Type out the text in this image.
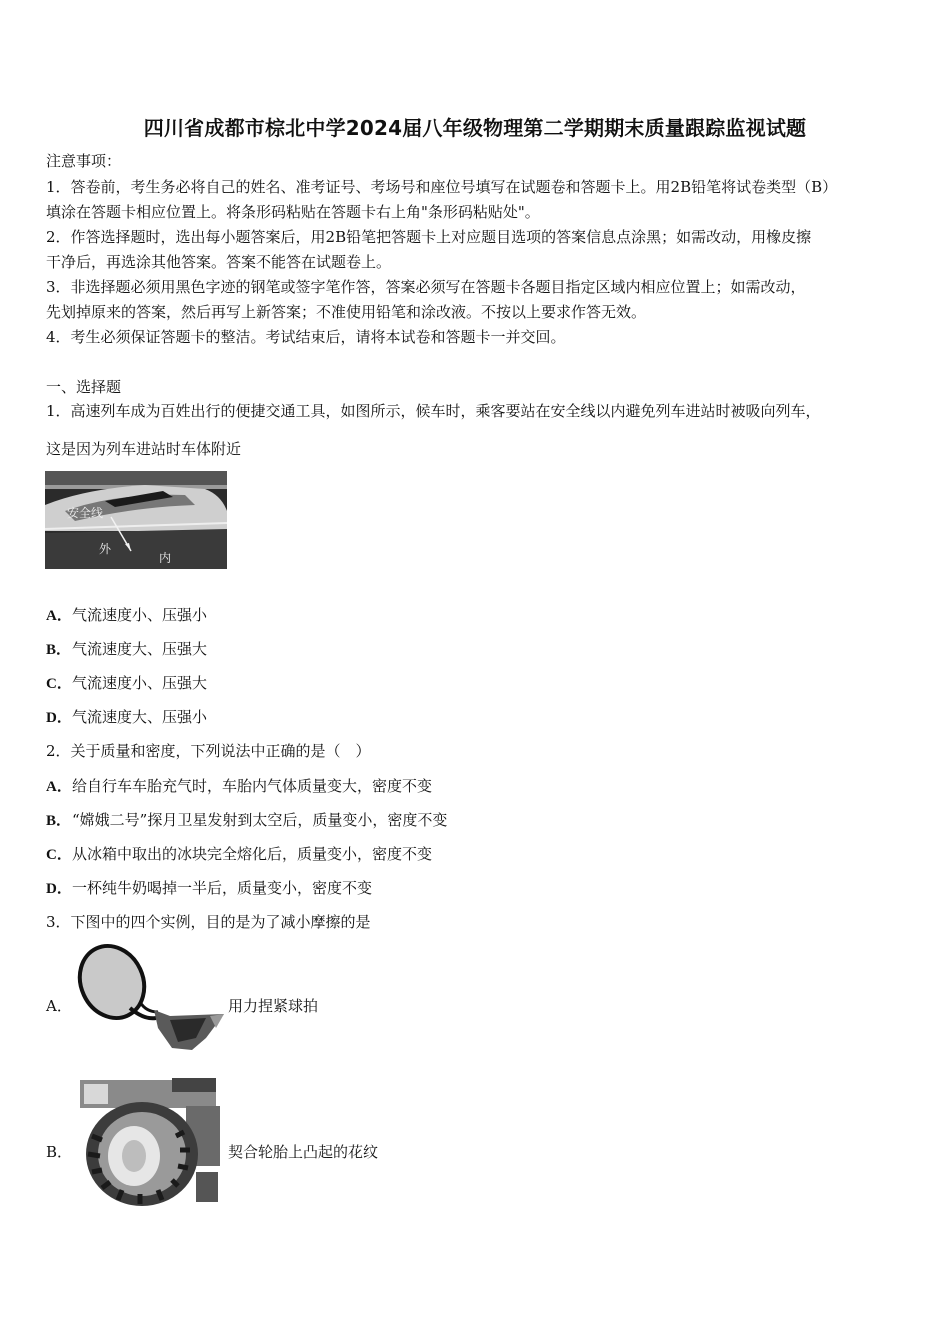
四川省成都市棕北中学2024届八年级物理第二学期期末质量跟踪监视试题
注意事项：
1．答卷前，考生务必将自己的姓名、准考证号、考场号和座位号填写在试题卷和答题卡上。用2B铅笔将试卷类型（B）
填涂在答题卡相应位置上。将条形码粘贴在答题卡右上角"条形码粘贴处"。
2．作答选择题时，选出每小题答案后，用2B铅笔把答题卡上对应题目选项的答案信息点涂黑；如需改动，用橡皮擦
干净后，再选涂其他答案。答案不能答在试题卷上。
3．非选择题必须用黑色字迹的钢笔或签字笔作答，答案必须写在答题卡各题目指定区域内相应位置上；如需改动，
先划掉原来的答案，然后再写上新答案；不准使用铅笔和涂改液。不按以上要求作答无效。
4．考生必须保证答题卡的整洁。考试结束后，请将本试卷和答题卡一并交回。
一、选择题
1．高速列车成为百姓出行的便捷交通工具，如图所示，候车时，乘客要站在安全线以内避免列车进站时被吸向列车，
这是因为列车进站时车体附近
安全线
外
内
A．气流速度小、压强小
B．气流速度大、压强大
C．气流速度小、压强大
D．气流速度大、压强小
2．关于质量和密度，下列说法中正确的是（　）
A．给自行车车胎充气时，车胎内气体质量变大，密度不变
B．“嫦娥二号”探月卫星发射到太空后，质量变小，密度不变
C．从冰箱中取出的冰块完全熔化后，质量变小，密度不变
D．一杯纯牛奶喝掉一半后，质量变小，密度不变
3．下图中的四个实例，目的是为了减小摩擦的是
A．	用力捏紧球拍
B．	契合轮胎上凸起的花纹
